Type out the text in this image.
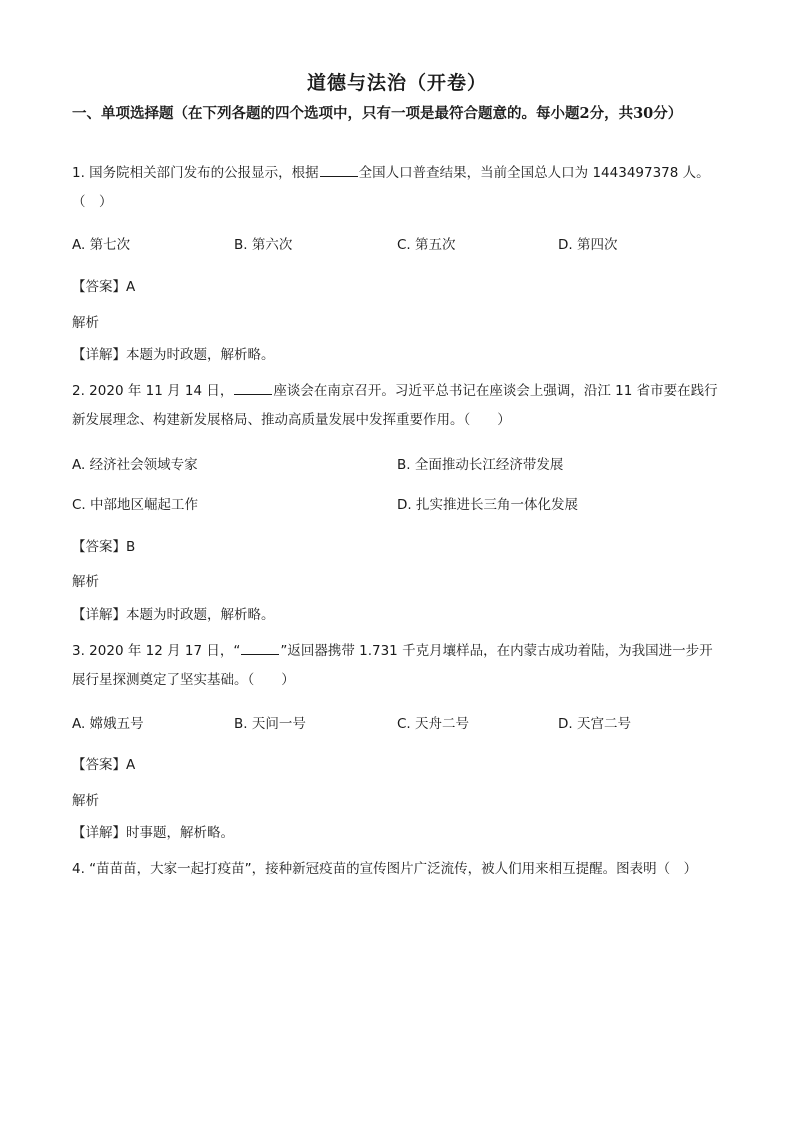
道德与法治（开卷）
一、单项选择题（在下列各题的四个选项中，只有一项是最符合题意的。每小题2分，共30分）
1. 国务院相关部门发布的公报显示，根据	全国人口普查结果，当前全国总人口为 1443497378 人。（　）
A. 第七次	B. 第六次	C. 第五次	D. 第四次
【答案】A
解析
【详解】本题为时政题，解析略。
2. 2020 年 11 月 14 日，	座谈会在南京召开。习近平总书记在座谈会上强调，沿江 11 省市要在践行新发展理念、构建新发展格局、推动高质量发展中发挥重要作用。（　　）
A. 经济社会领域专家	B. 全面推动长江经济带发展
C. 中部地区崛起工作	D. 扎实推进长三角一体化发展
【答案】B
解析
【详解】本题为时政题，解析略。
3. 2020 年 12 月 17 日，“	”返回器携带 1.731 千克月壤样品，在内蒙古成功着陆，为我国进一步开展行星探测奠定了坚实基础。（　　）
A. 嫦娥五号	B. 天问一号	C. 天舟二号	D. 天宫二号
【答案】A
解析
【详解】时事题，解析略。
4. “苗苗苗，大家一起打疫苗”，接种新冠疫苗的宣传图片广泛流传，被人们用来相互提醒。图表明（　）
